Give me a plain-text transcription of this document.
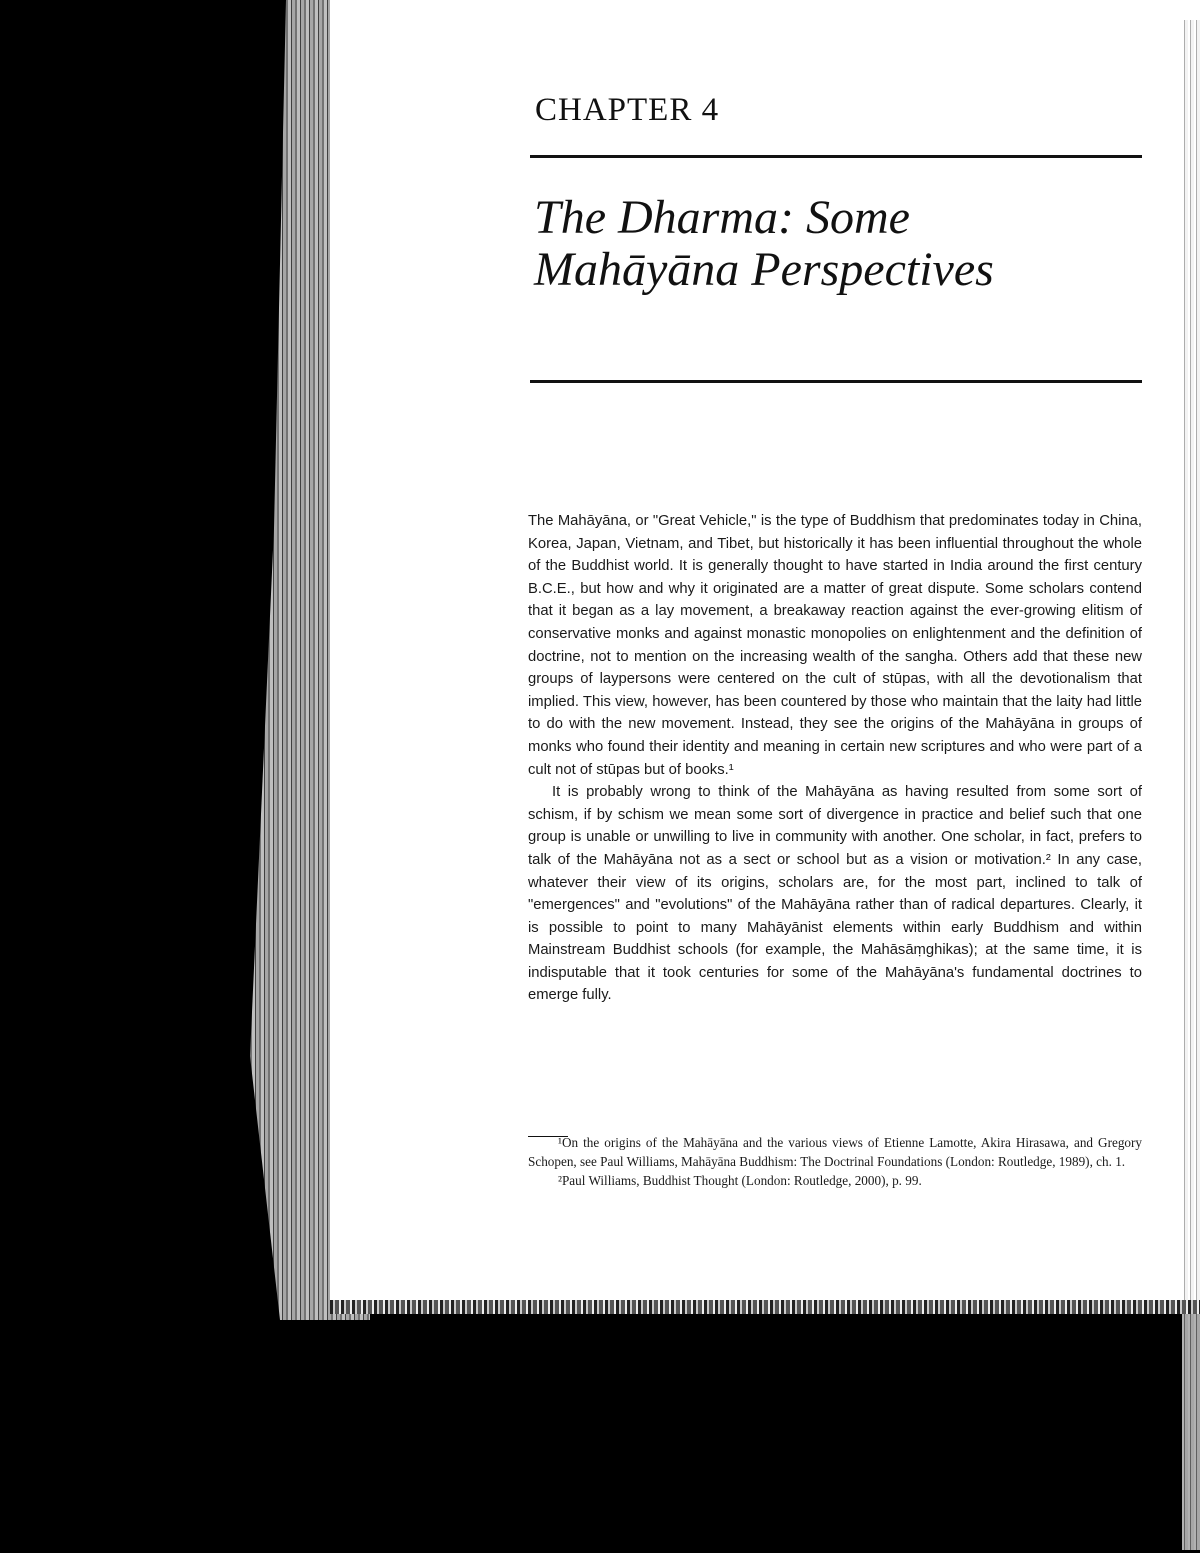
CHAPTER 4
The Dharma: Some
Mahāyāna Perspectives

The Mahāyāna, or "Great Vehicle," is the type of Buddhism that predominates today in China, Korea, Japan, Vietnam, and Tibet, but historically it has been influential throughout the whole of the Buddhist world. It is generally thought to have started in India around the first century B.C.E., but how and why it originated are a matter of great dispute. Some scholars contend that it began as a lay movement, a breakaway reaction against the ever-growing elitism of conservative monks and against monastic monopolies on enlightenment and the definition of doctrine, not to mention on the increasing wealth of the sangha. Others add that these new groups of laypersons were centered on the cult of stūpas, with all the devotionalism that implied. This view, however, has been countered by those who maintain that the laity had little to do with the new movement. Instead, they see the origins of the Mahāyāna in groups of monks who found their identity and meaning in certain new scriptures and who were part of a cult not of stūpas but of books.¹

It is probably wrong to think of the Mahāyāna as having resulted from some sort of schism, if by schism we mean some sort of divergence in practice and belief such that one group is unable or unwilling to live in community with another. One scholar, in fact, prefers to talk of the Mahāyāna not as a sect or school but as a vision or motivation.² In any case, whatever their view of its origins, scholars are, for the most part, inclined to talk of "emergences" and "evolutions" of the Mahāyāna rather than of radical departures. Clearly, it is possible to point to many Mahāyānist elements within early Buddhism and within Mainstream Buddhist schools (for example, the Mahāsāṃghikas); at the same time, it is indisputable that it took centuries for some of the Mahāyāna's fundamental doctrines to emerge fully.

¹On the origins of the Mahāyāna and the various views of Etienne Lamotte, Akira Hirasawa, and Gregory Schopen, see Paul Williams, Mahāyāna Buddhism: The Doctrinal Foundations (London: Routledge, 1989), ch. 1.

²Paul Williams, Buddhist Thought (London: Routledge, 2000), p. 99.
